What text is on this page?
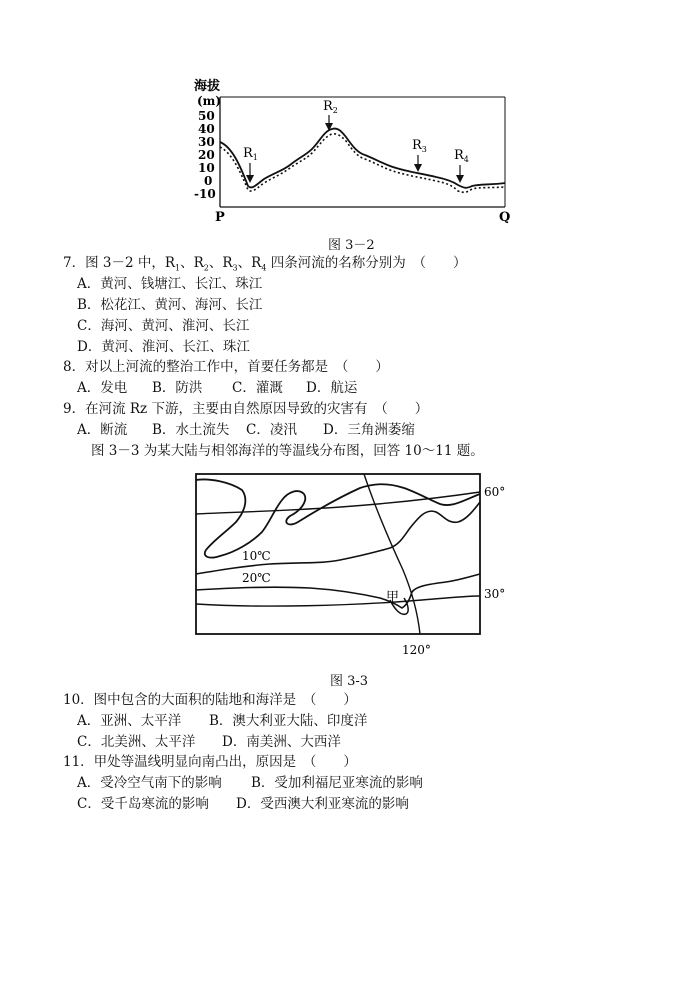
海拔
(m)
50
40
30
20
10
0
-10
$R_1$
$R_2$
$R_3$ $R_4$
P	Q
图 3－2
7．图 3－2 中，$R_1$、$R_2$、$R_3$、$R_4$ 四条河流的名称分别为　（　　）
A．黄河、钱塘江、长江、珠江
B．松花江、黄河、海河、长江
C．海河、黄河、淮河、长江
D．黄河、淮河、长江、珠江
8．对以上河流的整治工作中，首要任务都是　（　　）
A．发电 B．防洪 C．灌溉 D．航运
9．在河流 Rz 下游，主要由自然原因导致的灾害有　（　　）
A．断流 B．水土流失 C．凌汛 D．三角洲萎缩
图 3－3 为某大陆与相邻海洋的等温线分布图，回答 10～11 题。
10℃
20℃
甲
60°
30°
120°
图 3-3
10．图中包含的大面积的陆地和海洋是　（　　）
A．亚洲、太平洋 B．澳大利亚大陆、印度洋
C．北美洲、太平洋 D．南美洲、大西洋
11．甲处等温线明显向南凸出，原因是　（　　）
A．受冷空气南下的影响 B．受加利福尼亚寒流的影响
C．受千岛寒流的影响 D．受西澳大利亚寒流的影响
